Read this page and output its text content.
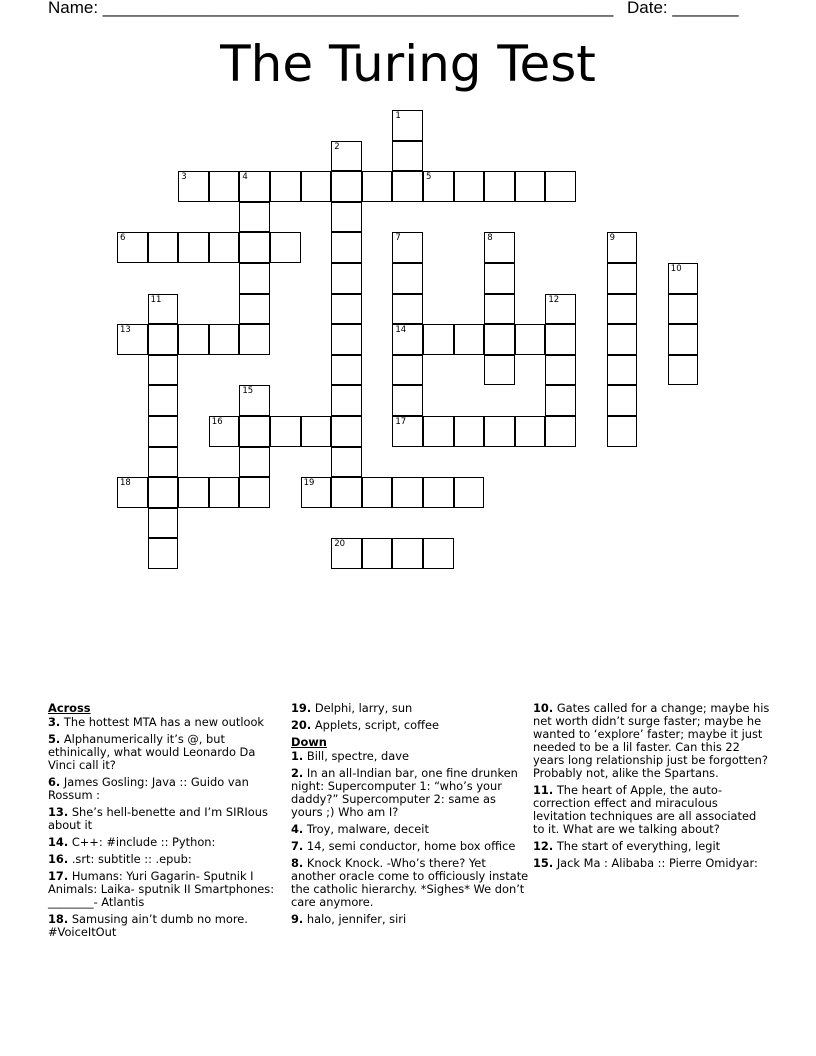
Name: ______________________________________________________ Date: _______
The Turing Test
1
2
3	4	5
6	7
14
17
8	9
10
11	12
13
15
16
18	19
20
Across
3. The hottest MTA has a new outlook
5. Alphanumerically it’s @, but ethinically, what would Leonardo Da Vinci call it?
6. James Gosling: Java :: Guido van Rossum :
13. She’s hell-benette and I’m SIRIous about it
14. C++: #include :: Python:
16. .srt: subtitle :: .epub:
17. Humans: Yuri Gagarin- Sputnik I Animals: Laika- sputnik II Smartphones: ________- Atlantis
18. Samusing ain’t dumb no more. #VoiceItOut
19. Delphi, larry, sun
20. Applets, script, coffee
Down
1. Bill, spectre, dave
2. In an all-Indian bar, one fine drunken night: Supercomputer 1: “who’s your daddy?” Supercomputer 2: same as yours ;) Who am I?
4. Troy, malware, deceit
7. 14, semi conductor, home box office
8. Knock Knock. -Who’s there? Yet another oracle come to officiously instate the catholic hierarchy. *Sighes* We don’t care anymore.
9. halo, jennifer, siri
10. Gates called for a change; maybe his net worth didn’t surge faster; maybe he wanted to ‘explore’ faster; maybe it just needed to be a lil faster. Can this 22 years long relationship just be forgotten? Probably not, alike the Spartans.
11. The heart of Apple, the auto-correction effect and miraculous levitation techniques are all associated to it. What are we talking about?
12. The start of everything, legit
15. Jack Ma : Alibaba :: Pierre Omidyar:
